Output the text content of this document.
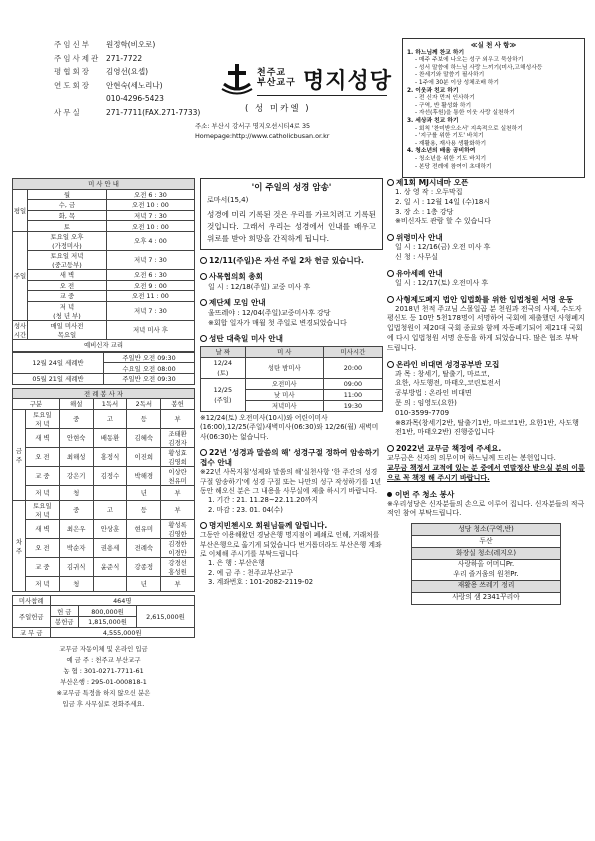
주임신부	원정학(비오로)
주임사제관 271-7722
평협회장	김영선(요셉)
연도회장	안현숙(세노리나)
010-4296-5423
사무실	271-7711(FAX.271-7733)
천주교
부산교구 명지성당
( 성 미카엘 )
주소: 부산시 강서구 명지오션시티4로 35
Homepage:http://www.catholicbusan.or.kr
≪실 천 사 항≫
1. 하느님께 찬교 하기
- 매주 주보에 나오는 성구 외우고 묵상하기
- 성서 말씀에 하느님 사랑 느끼기(미사,고해성사등
- 찬세기와 말씀기 필사하기
- 1주에 30분 이상 성체조배 하기
2. 이웃과 친교 하기
- 전 신자 먼저 인사하기
- 구역, 반 활성화 하기
- 자선(후원)을 통한 이웃 사랑 실천하기
3. 세상과 친교 하기
- 회칙 '찬미받으소서' 지속적으로 실천하기
- '지구를 위한 기도' 바치기
- 재활용, 재사용 생활화하기
4. 청소년의 배움 공비하여
- 청소년을 위한 기도 바치기
- 본당 전례에 참여이 초대하기
미 사 안 내		
평일	월	오전 6 : 30
	수, 금	오전 10 : 00
	화, 목	저녁 7 : 30
	토	오전 10 : 00
주일	토요일 오후
(가정미사)	오후 4 : 00
	토요일 저녁
(중고등부)	저녁 7 : 30
	새 벽	오전 6 : 30
	오 전	오전 9 : 00
	교 중	오전 11 : 00
	저 녁
(청 년 부)	저녁 7 : 30
성사
시간	매일 미사전
목요일	저녁 미사 후
예비신자 교리
12월 24일 세례반	주일반 오전 09:30
	수요일 오전 08:00
05월 21일 세례반	주일반 오전 09:30
전 례 봉 사 자					
구분		해설	1독서	2독서	봉헌
금주	토요일
저 녁	중	고	등	부
	새 벽	안현숙	배동환	김혜숙	조태환
김경자
	오 전	최해성	홍정식	이진희	황성효
김영희
	교 중	강은기	김정수	박해경	이상란
천유미
	저 녁	청		년	부
차주	토요일
저 녁	중	고	등	부
	새 벽	최은우	안상훈	현유미	황성록
김영한
	오 전	박순자	권용세	전례숙	김경한
이경안
	교 중	김귀식	윤준식	강종정	강경선
홍성원
	저 녁	청		년	부
미사참례	464명		
주일헌금	헌 금	800,000원	2,615,000원
	봉헌금	1,815,000원	
교 무 금	4,555,000원		
교무금 자동이체 및 온라인 입금
예 금 주 : 천주교 부산교구
농 협 : 301-0271-7711-61
부산은행 : 295-01-000818-1
※교무금 특정을 하지 않으신 분은
입금 후 사무실로 전화주세요.
'이 주일의 성경 암송'
로마서(15,4)
성경에 미리 기록된 것은 우리를 가르치려고 기록된 것입니다. 그래서 우리는 성경에서 인내를 배우고 위로를 받아 희망을 간직하게 됩니다.
12/11(주일)은 자선 주일 2차 헌금 있습니다.
사목협의회 총회
일 시 : 12/18(주일) 교중 미사 후
제단체 모임 안내
울뜨레야 : 12/04(주일)교중미사후 강당
※회합 일자가 매월 첫 주일로 변경되었습니다
성탄 대축일 미사 안내
날 짜	미 사	미사시간
12/24
(토)	성탄 밤미사	20:00
12/25
(주일)	오전미사	09:00
	낮 미사	11:00
	저녁미사	19:30
※12/24(토) 오전미사(10시)와 어린이미사(16:00),12/25(주일)새벽미사(06:30)와 12/26(월) 새벽미사(06:30)는 없습니다.
22년 '성경과 말씀의 해' 성경구절 정하여 암송하기 접수 안내
※22년 사목지침'성제와 말씀의 해'실천사항 '한 주간의 성경 구절 암송하기'에 성경 구절 또는 나만의 성구 작성하기를 1년 동안 해오신 분은 그 내용을 사무실에 제출 하시기 바랍니다.
1. 기간 : 21. 11.28~22.11.20까지
2. 마감 : 23. 01. 04(수)
명지빈첸시오 회원님들께 알립니다.
그동안 이용해왔던 경남은행 명지점이 폐쇄로 인해, 거래처를 부산은행으로 옮기게 되었습니다 번거롭더라도 부산은행 계좌로 이체해 주시기를 부탁드립니다
1. 은 행 : 부산은행
2. 예 금 주 : 천주교부산교구
3. 계좌번호 : 101-2082-2119-02
제1회 MJ시네마 오픈
1. 상 영 작 : 오두막집
2. 일 시 : 12월 14일 (수)18시
3. 장 소 : 1층 강당
※비신자도 관람 할 수 있습니다
위령미사 안내
일 시 : 12/16(금) 오전 미사 후
신 청 : 사무실
유아세례 안내
일 시 : 12/17(토) 오전미사 후
사형제도폐지 법안 입법화를 위한 입법청원 서명 운동
2018년 천적 주교님 스몰일곱 분 천원과 전국의 사제, 수도자 평신도 등 10만 5천178명이 서명하여 국회에 제출했던 사형폐지 입법청원이 제20대 국회 종료와 함께 자동폐기되어 제21대 국회에 다시 입법청원 서명 운동을 하게 되었습니다. 많은 협조 부탁드립니다.
온라인 비대면 성경공부반 모집
과 목 : 창세기, 탈출기, 마르코,
요한, 사도행전, 마태오,코린토전서
공부방법 : 온라인 비대면
문 의 : 임영도(요한)
010-3599-7709
※8과목(창세기2반, 탈출기1반, 마르코1반, 요한1반, 사도행전1반, 마태오2반) 진행중입니다
2022년 교무금 책정에 주세요.
교무금은 신자의 의무이며 하느님께 드리는 봉헌입니다.
교무금 책정서 교적에 있는 분 중에서 연말정산 받으실 분의 이름으로 꼭 책정 해 주시기 바랍니다.
이번 주 청소 봉사
※우리성당은 신자분들의 손으로 이루어 집니다. 신자분들의 적극적인 참여 부탁드립니다.
성당 청소(구역,반)
두산
화장실 청소(레지오)
사랑하올 어머니Pr.
우리 즐거움의 원천Pr.
재활용 쓰레기 정리
사랑의 샘 2341꾸리아
